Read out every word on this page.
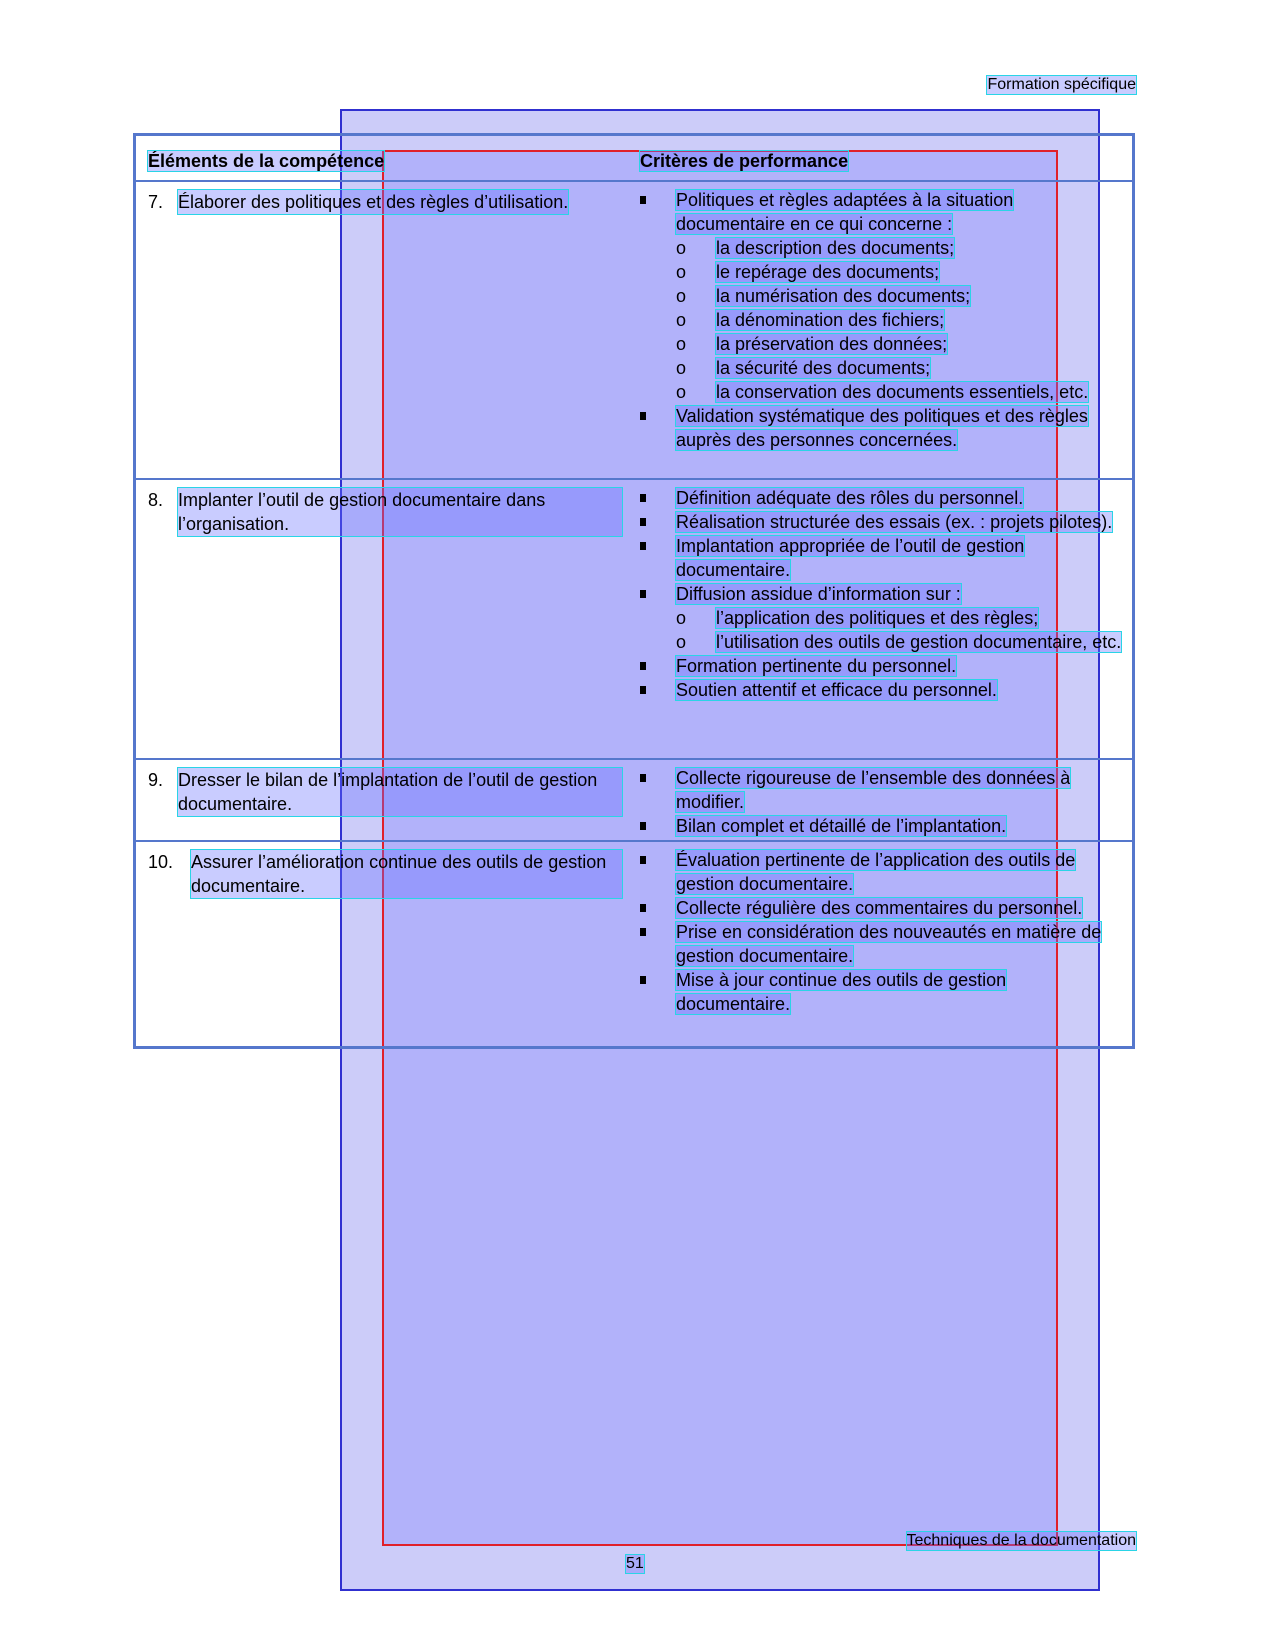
Formation spécifique
Éléments de la compétence	Critères de performance
7. Élaborer des politiques et des règles d’utilisation.	Politiques et règles adaptées à la situation documentaire en ce qui concerne :
o la description des documents;
o le repérage des documents;
o la numérisation des documents;
o la dénomination des fichiers;
o la préservation des données;
o la sécurité des documents;
o la conservation des documents essentiels, etc.
Validation systématique des politiques et des règles auprès des personnes concernées.
8. Implanter l’outil de gestion documentaire dans l’organisation.
Définition adéquate des rôles du personnel.
Réalisation structurée des essais (ex. : projets pilotes).
Implantation appropriée de l’outil de gestion documentaire.
Diffusion assidue d’information sur :
o l’application des politiques et des règles;
o l’utilisation des outils de gestion documentaire, etc.
Formation pertinente du personnel.
Soutien attentif et efficace du personnel.
9. Dresser le bilan de l’implantation de l’outil de gestion documentaire.
Collecte rigoureuse de l’ensemble des données à modifier.
Bilan complet et détaillé de l’implantation.
10. Assurer l’amélioration continue des outils de gestion documentaire.
Évaluation pertinente de l’application des outils de gestion documentaire.
Collecte régulière des commentaires du personnel.
Prise en considération des nouveautés en matière de gestion documentaire.
Mise à jour continue des outils de gestion documentaire.
Techniques de la documentation
51
